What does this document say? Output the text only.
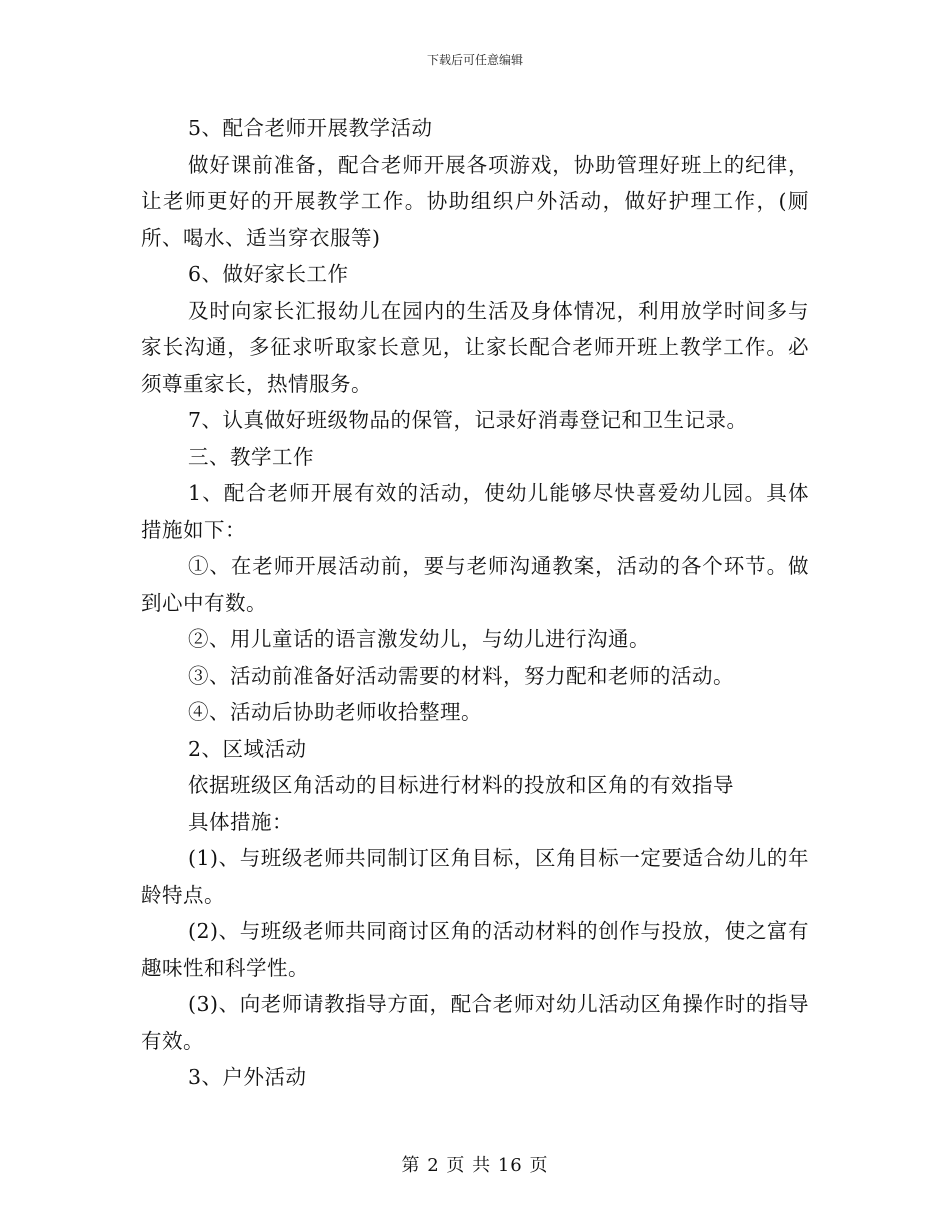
下载后可任意编辑

5、配合老师开展教学活动

做好课前准备，配合老师开展各项游戏，协助管理好班上的纪律，让老师更好的开展教学工作。协助组织户外活动，做好护理工作，(厕所、喝水、适当穿衣服等)

6、做好家长工作

及时向家长汇报幼儿在园内的生活及身体情况，利用放学时间多与家长沟通，多征求听取家长意见，让家长配合老师开班上教学工作。必须尊重家长，热情服务。

7、认真做好班级物品的保管，记录好消毒登记和卫生记录。

三、教学工作

1、配合老师开展有效的活动，使幼儿能够尽快喜爱幼儿园。具体措施如下：

①、在老师开展活动前，要与老师沟通教案，活动的各个环节。做到心中有数。

②、用儿童话的语言激发幼儿，与幼儿进行沟通。

③、活动前准备好活动需要的材料，努力配和老师的活动。

④、活动后协助老师收拾整理。

2、区域活动

依据班级区角活动的目标进行材料的投放和区角的有效指导

具体措施：

(1)、与班级老师共同制订区角目标，区角目标一定要适合幼儿的年龄特点。

(2)、与班级老师共同商讨区角的活动材料的创作与投放，使之富有趣味性和科学性。

(3)、向老师请教指导方面，配合老师对幼儿活动区角操作时的指导有效。

3、户外活动

第 2 页 共 16 页
